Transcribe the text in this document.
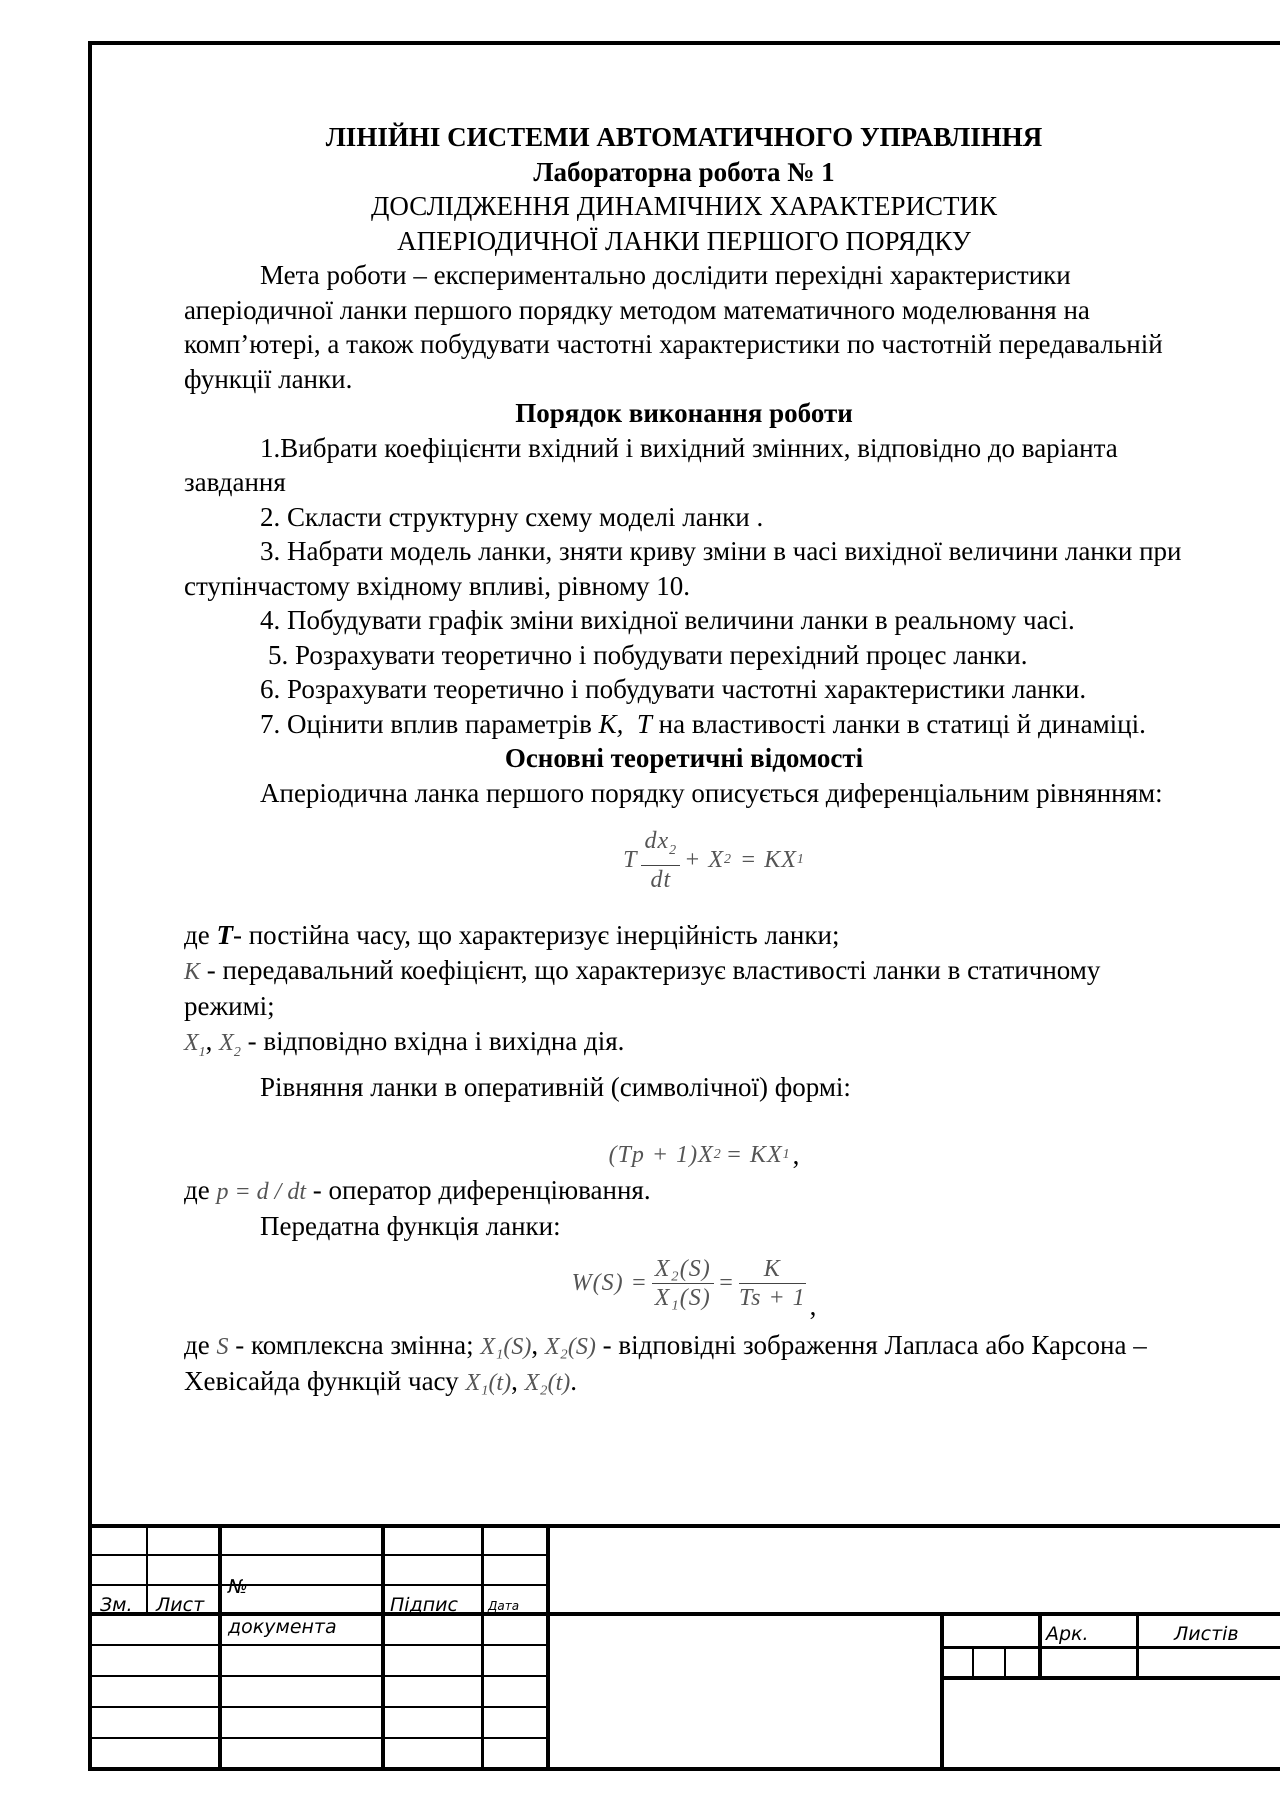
ЛІНІЙНІ СИСТЕМИ АВТОМАТИЧНОГО УПРАВЛІННЯ

Лабораторна робота № 1

ДОСЛІДЖЕННЯ ДИНАМІЧНИХ ХАРАКТЕРИСТИК

АПЕРІОДИЧНОЇ ЛАНКИ ПЕРШОГО ПОРЯДКУ

Мета роботи – експериментально дослідити перехідні характеристики аперіодичної ланки першого порядку методом математичного моделювання на комп’ютері, а також побудувати частотні характеристики по частотній передавальній функції ланки.

Порядок виконання роботи

1.Вибрати коефіцієнти вхідний і вихідний змінних, відповідно до варіанта завдання

2. Скласти структурну схему моделі ланки .

3. Набрати модель ланки, зняти криву зміни в часі вихідної величини ланки при ступінчастому вхідному впливі, рівному 10.

4. Побудувати графік зміни вихідної величини ланки в реальному часі.

5. Розрахувати теоретично і побудувати перехідний процес ланки.

6. Розрахувати теоретично і побудувати частотні характеристики ланки.

7. Оцінити вплив параметрів K, T на властивості ланки в статиці й динаміці.

Основні теоретичні відомості

Аперіодична ланка першого порядку описується диференціальним рівнянням:

T $\frac{dx_2}{dt} + X$ 2 = KX 1

де T- постійна часу, що характеризує інерційність ланки;

K - передавальний коефіцієнт, що характеризує властивості ланки в статичному режимі;

$X_1$, $X_2$ - відповідно вхідна і вихідна дія.

Рівняння ланки в оперативній (символічної) формі:

(Tp + 1)X 2 = KX 1 ,

де p = d / dt - оператор диференціювання.

Передатна функція ланки:

$W(S) = \frac{\text{X₂(S)}}{\text{X₁(S)}} = \frac{K}{Ts + 1}$ ,

де S - комплексна змінна; X₁(S), X₂(S) - відповідні зображення Лапласа або Карсона – Хевісайда функцій часу X₁(t), X₂(t).

Зм. Лист
№
документа
Підпис	Дата
Арк.	Листів
